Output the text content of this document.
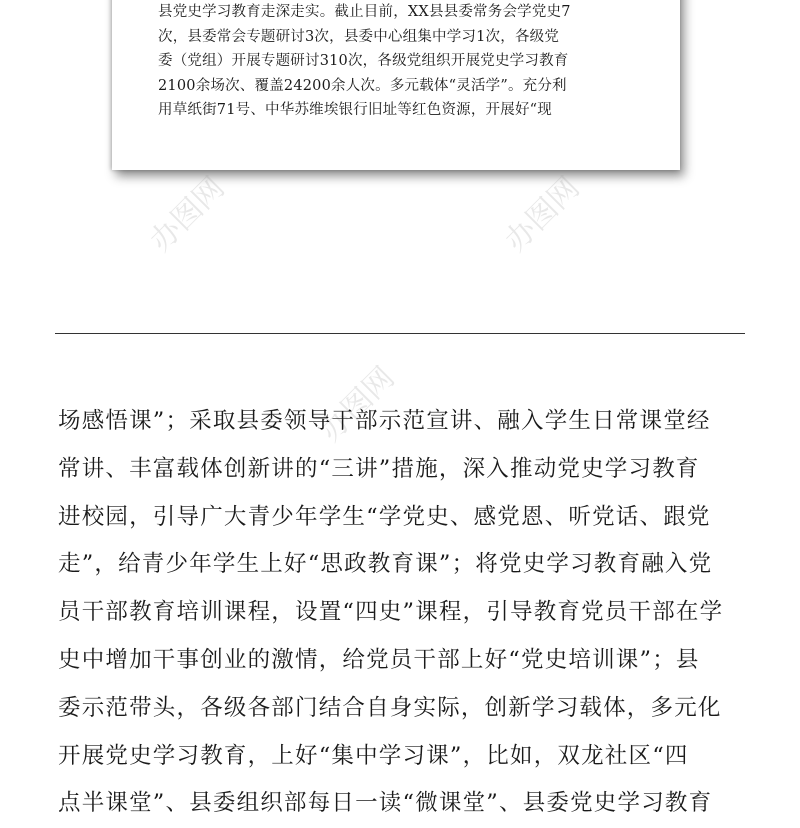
县党史学习教育走深走实。截止目前，XX县县委常务会学党史7
次，县委常会专题研讨3次，县委中心组集中学习1次，各级党
委（党组）开展专题研讨310次，各级党组织开展党史学习教育
2100余场次、覆盖24200余人次。多元载体“灵活学”。充分利
用草纸街71号、中华苏维埃银行旧址等红色资源，开展好“现
办图网	办图网
办图网
场感悟课”；采取县委领导干部示范宣讲、融入学生日常课堂经
常讲、丰富载体创新讲的“三讲”措施，深入推动党史学习教育
进校园，引导广大青少年学生“学党史、感党恩、听党话、跟党
走”，给青少年学生上好“思政教育课”；将党史学习教育融入党
员干部教育培训课程，设置“四史”课程，引导教育党员干部在学
史中增加干事创业的激情，给党员干部上好“党史培训课”；县
委示范带头，各级各部门结合自身实际，创新学习载体，多元化
开展党史学习教育，上好“集中学习课”，比如，双龙社区“四
点半课堂”、县委组织部每日一读“微课堂”、县委党史学习教育
